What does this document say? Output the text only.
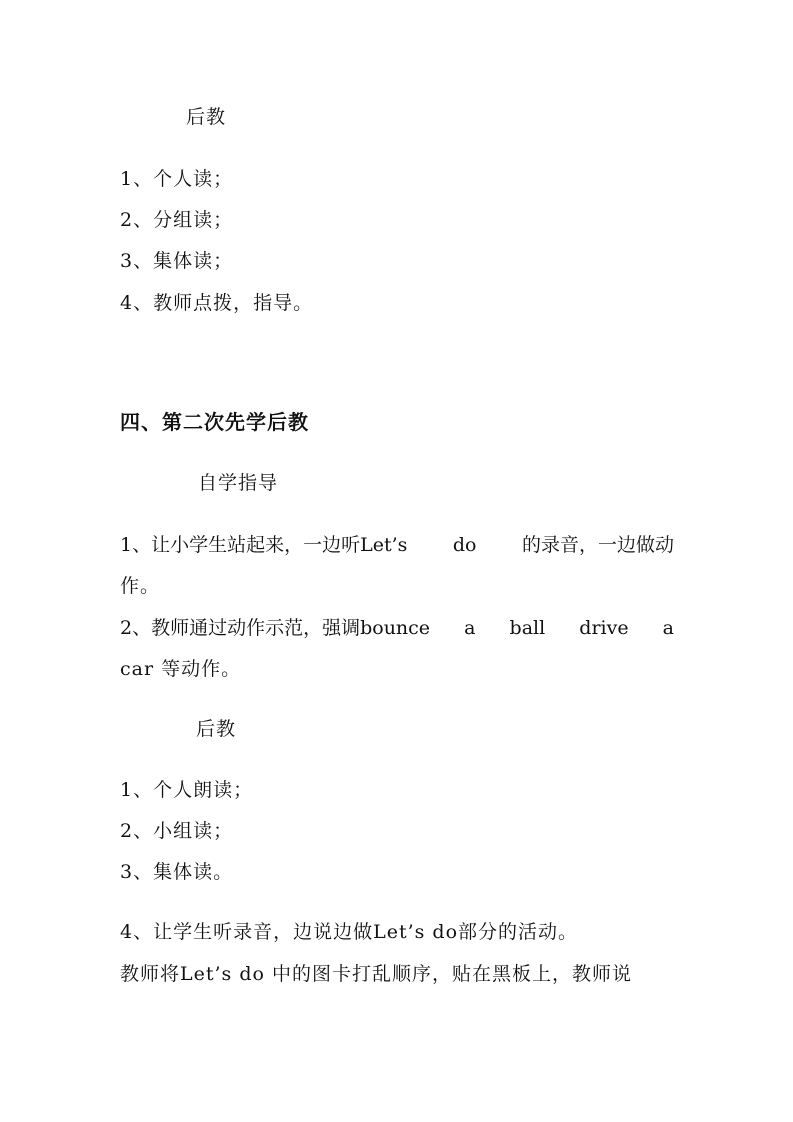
后教
1、个人读；
2、分组读；
3、集体读；
4、教师点拨，指导。
四、第二次先学后教
自学指导
1、让小学生站起来，一边听Let’s do 的录音，一边做动
作。
2、教师通过动作示范，强调bounce a ball drive a
car 等动作。
后教
1、个人朗读；
2、小组读；
3、集体读。
4、让学生听录音，边说边做Let’s do部分的活动。
教师将Let’s do 中的图卡打乱顺序，贴在黑板上，教师说
